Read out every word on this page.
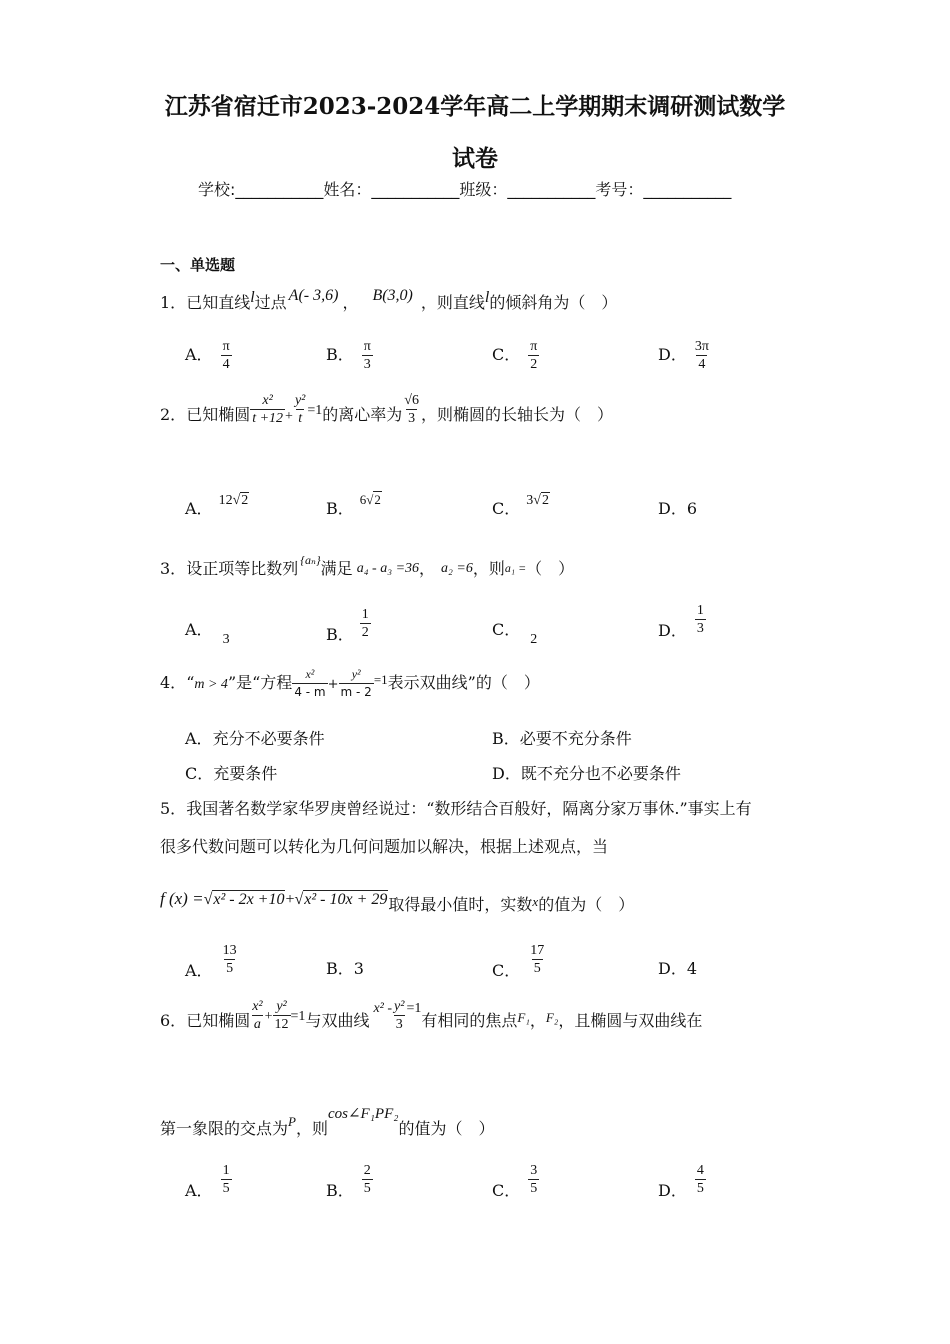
江苏省宿迁市2023-2024学年高二上学期期末调研测试数学
试卷
学校:___________姓名：___________班级：___________考号：___________
一、单选题
1．已知直线l过点 A(- 3,6) ， B(3,0) ，则直线l的倾斜角为（　）
A． $\frac{\pi}{4}$	B． $\frac{\pi}{3}$	C． $\frac{\pi}{2}$	D． $\frac{3\pi}{4}$
2．已知椭圆 $\frac{\text{x²}}{t +12} + \frac{\text{y²}}{t} =1$的离心率为 $\frac{√6}{3}$ ，则椭圆的长轴长为（　）
A． 12√2	B． 6√2	C． 3√2	D．6
3．设正项等比数列 $^{\{a_n\}}$满足 a₄ - a₃ =36， a₂ =6，则a₁ =（　）
A．3	B． $\frac{1}{2}$	C．2	D． $\frac{1}{3}$
4．“m > 4”是“方程 $\frac{\text{x²}}{4 - m} + \frac{\text{y²}}{m - 2} ^{=1}$表示双曲线”的（　）
A．充分不必要条件	B．必要不充分条件
C．充要条件	D．既不充分也不必要条件
5．我国著名数学家华罗庚曾经说过：“数形结合百般好，隔离分家万事休.”事实上有
很多代数问题可以转化为几何问题加以解决，根据上述观点，当
f (x) =√x² - 2x +10+√x² - 10x + 29取得最小值时，实数x的值为（　）
A． $\frac{13}{5}$	B．3	C． $\frac{17}{5}$	D．4
6．已知椭圆 $\frac{\text{x²}}{a} + \frac{\text{y²}}{12} =1$与双曲线$x^2 - \frac{\text{y²}}{3} =1$有相同的焦点$^{F_1}$，$^{F_2}$，且椭圆与双曲线在
第一象限的交点为$_P$，则cos∠F₁PF₂的值为（　）
A． $\frac{1}{5}$	B． $\frac{2}{5}$	C． $\frac{3}{5}$	D． $\frac{4}{5}$
